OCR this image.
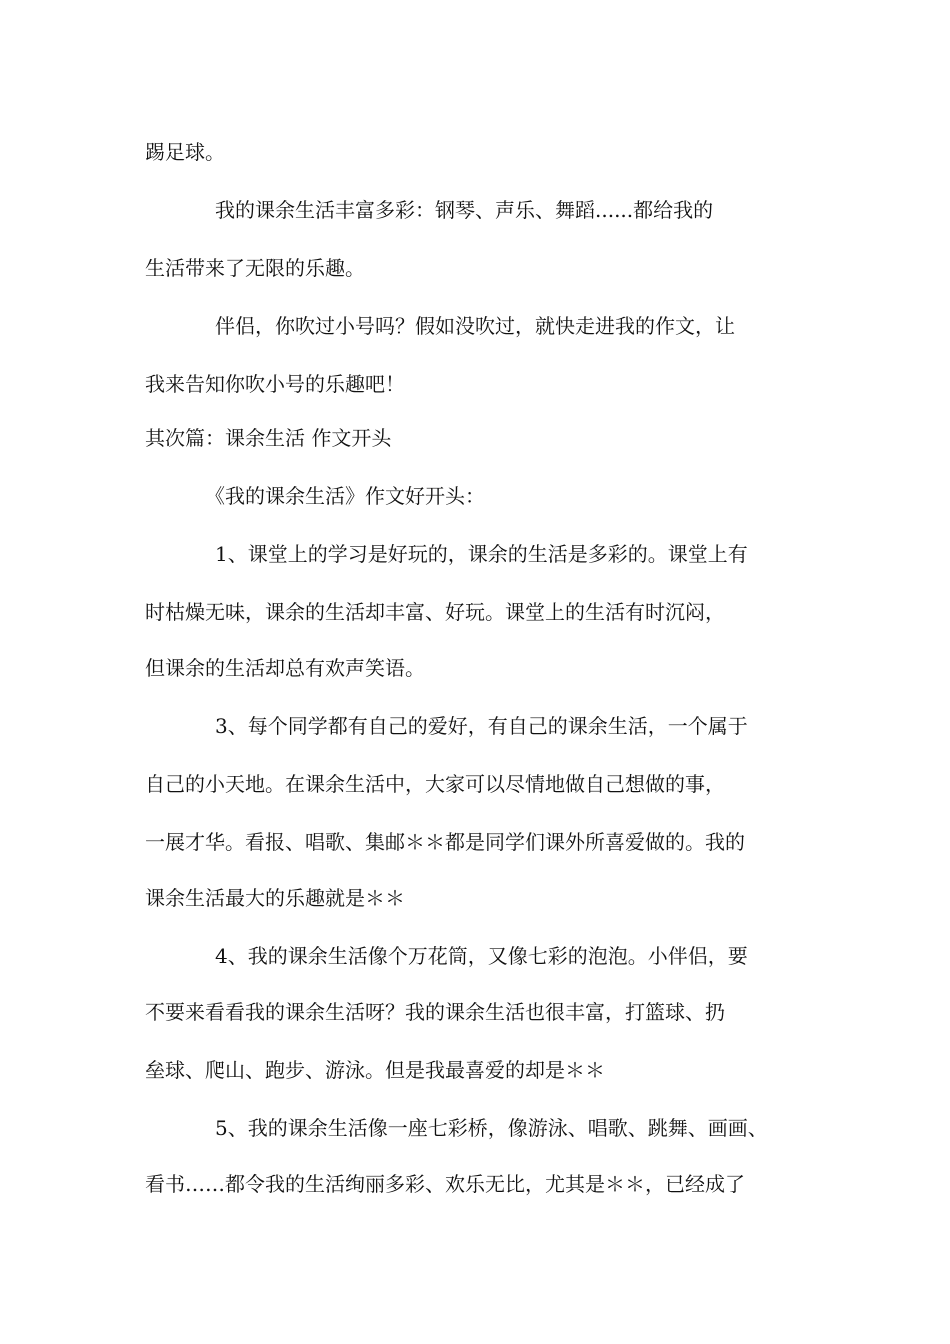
踢足球。
我的课余生活丰富多彩：钢琴、声乐、舞蹈......都给我的
生活带来了无限的乐趣。
伴侣，你吹过小号吗？假如没吹过，就快走进我的作文，让
我来告知你吹小号的乐趣吧！
其次篇：课余生活 作文开头
《我的课余生活》作文好开头：
1、课堂上的学习是好玩的，课余的生活是多彩的。课堂上有
时枯燥无味，课余的生活却丰富、好玩。课堂上的生活有时沉闷，
但课余的生活却总有欢声笑语。
3、每个同学都有自己的爱好，有自己的课余生活，一个属于
自己的小天地。在课余生活中，大家可以尽情地做自己想做的事，
一展才华。看报、唱歌、集邮＊＊都是同学们课外所喜爱做的。我的
课余生活最大的乐趣就是＊＊
4、我的课余生活像个万花筒，又像七彩的泡泡。小伴侣，要
不要来看看我的课余生活呀？我的课余生活也很丰富，打篮球、扔
垒球、爬山、跑步、游泳。但是我最喜爱的却是＊＊
5、我的课余生活像一座七彩桥，像游泳、唱歌、跳舞、画画、
看书……都令我的生活绚丽多彩、欢乐无比，尤其是＊＊，已经成了
